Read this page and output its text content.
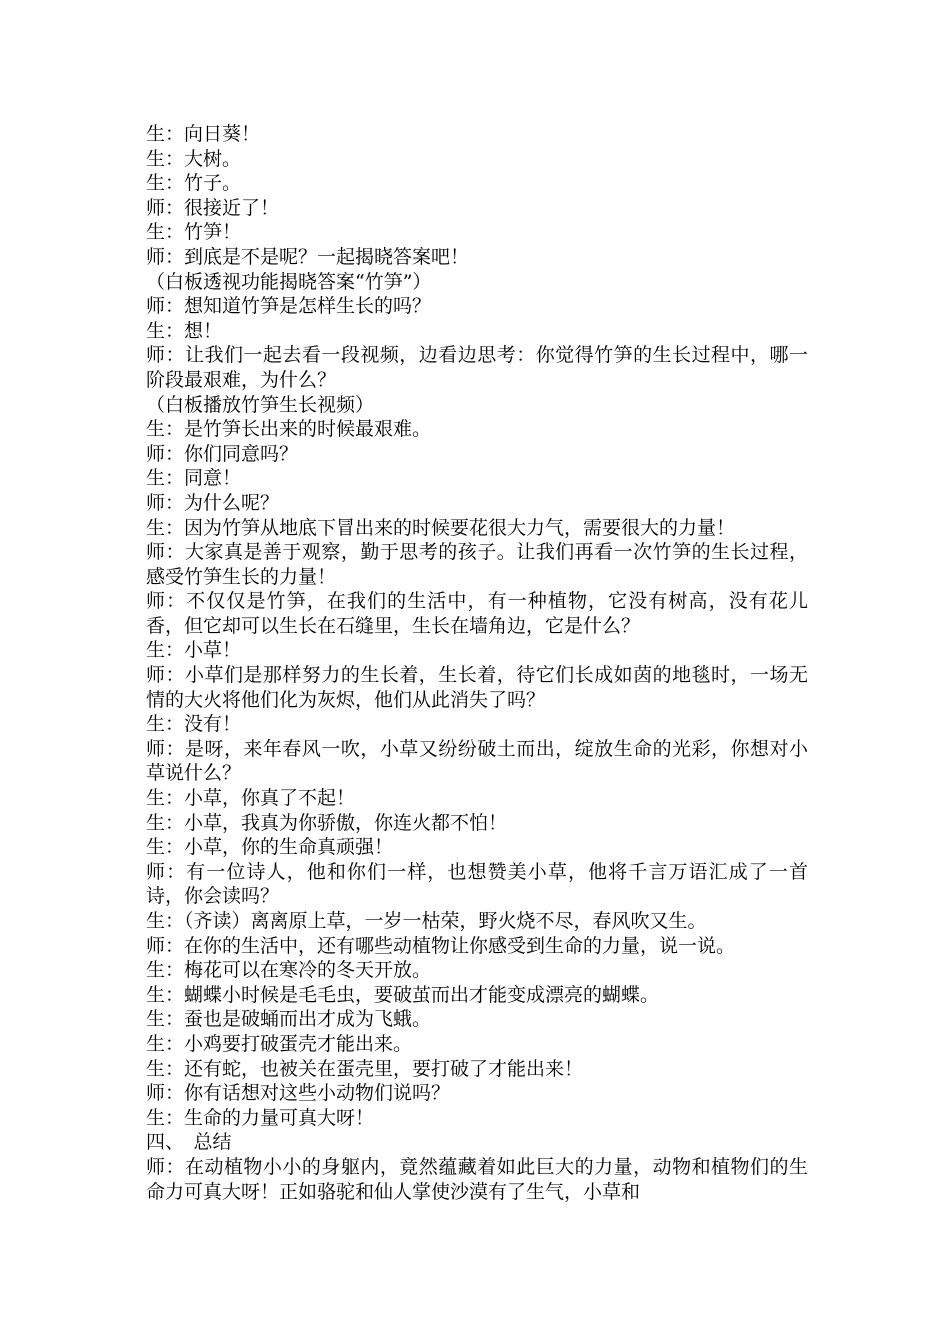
生：向日葵！

生：大树。

生：竹子。

师：很接近了！

生：竹笋！

师：到底是不是呢？一起揭晓答案吧！

（白板透视功能揭晓答案“竹笋”）

师：想知道竹笋是怎样生长的吗？

生：想！

师：让我们一起去看一段视频，边看边思考：你觉得竹笋的生长过程中，哪一阶段最艰难，为什么？

（白板播放竹笋生长视频）

生：是竹笋长出来的时候最艰难。

师：你们同意吗？

生：同意！

师：为什么呢？

生：因为竹笋从地底下冒出来的时候要花很大力气，需要很大的力量！

师：大家真是善于观察，勤于思考的孩子。让我们再看一次竹笋的生长过程，感受竹笋生长的力量！

师：不仅仅是竹笋，在我们的生活中，有一种植物，它没有树高，没有花儿香，但它却可以生长在石缝里，生长在墙角边，它是什么？

生：小草！

师：小草们是那样努力的生长着，生长着，待它们长成如茵的地毯时，一场无情的大火将他们化为灰烬，他们从此消失了吗？

生：没有！

师：是呀，来年春风一吹，小草又纷纷破土而出，绽放生命的光彩，你想对小草说什么？

生：小草，你真了不起！

生：小草，我真为你骄傲，你连火都不怕！

生：小草，你的生命真顽强！

师：有一位诗人，他和你们一样，也想赞美小草，他将千言万语汇成了一首诗，你会读吗？

生：（齐读）离离原上草，一岁一枯荣，野火烧不尽，春风吹又生。

师：在你的生活中，还有哪些动植物让你感受到生命的力量，说一说。

生：梅花可以在寒冷的冬天开放。

生：蝴蝶小时候是毛毛虫，要破茧而出才能变成漂亮的蝴蝶。

生：蚕也是破蛹而出才成为飞蛾。

生：小鸡要打破蛋壳才能出来。

生：还有蛇，也被关在蛋壳里，要打破了才能出来！

师：你有话想对这些小动物们说吗？

生：生命的力量可真大呀！

四、　总结

师：在动植物小小的身躯内，竟然蕴藏着如此巨大的力量，动物和植物们的生命力可真大呀！正如骆驼和仙人掌使沙漠有了生气，小草和
